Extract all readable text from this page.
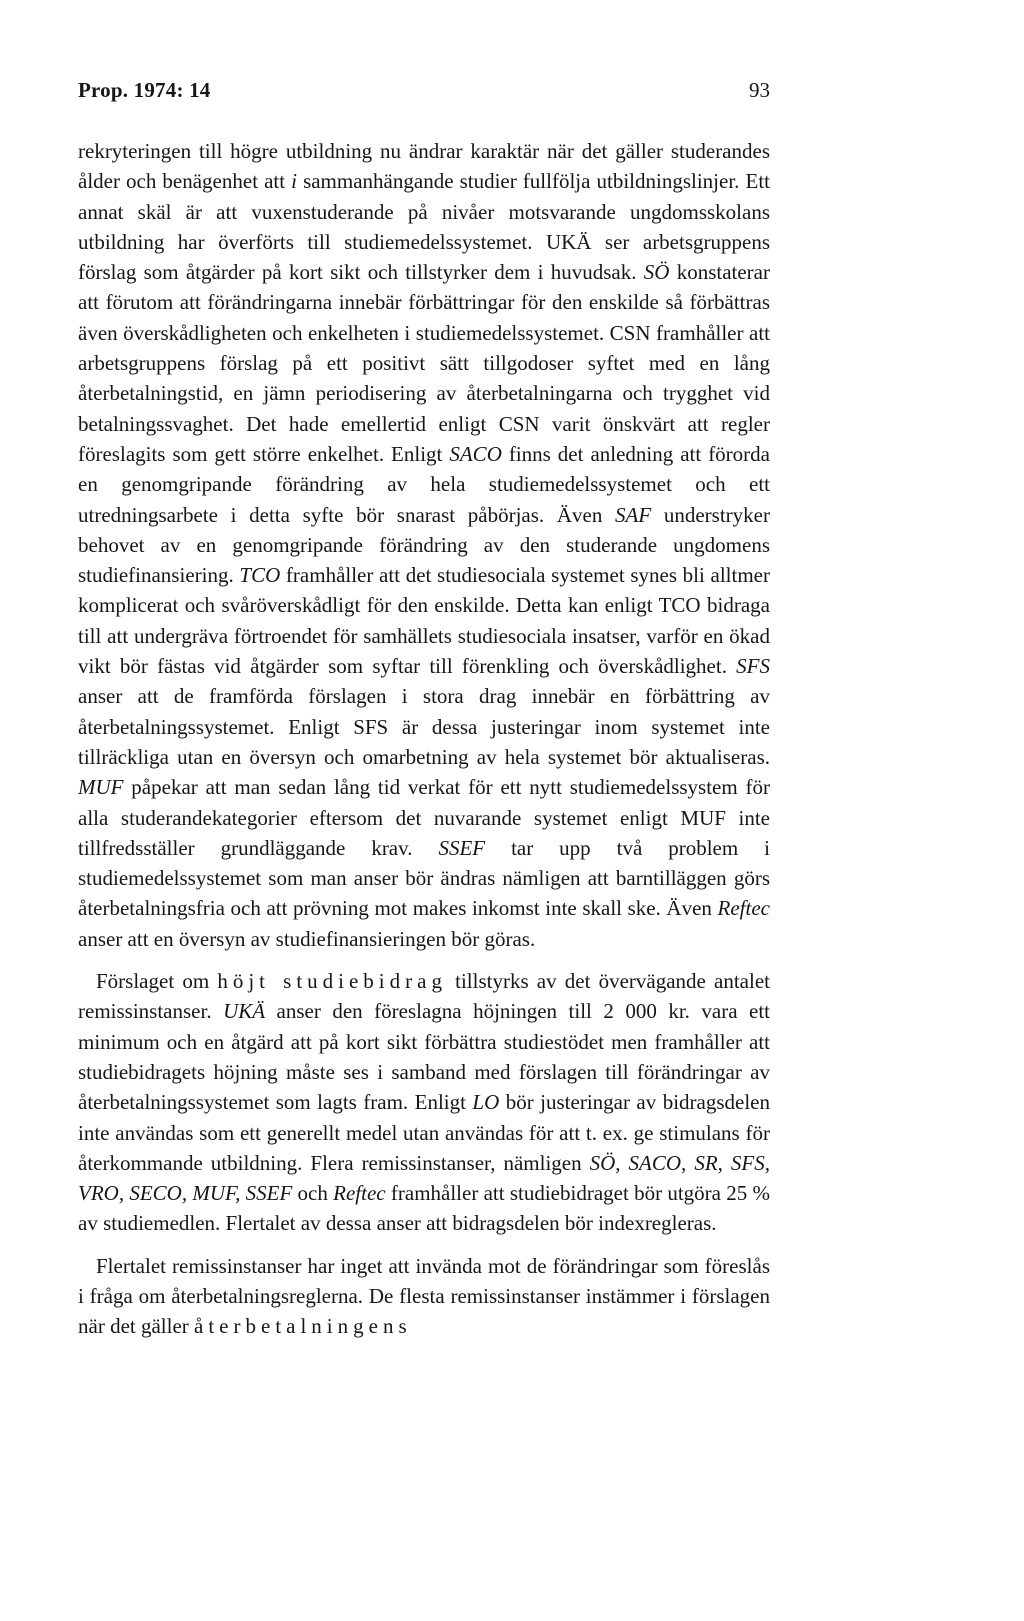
Prop. 1974: 14	93

rekryteringen till högre utbildning nu ändrar karaktär när det gäller studerandes ålder och benägenhet att i sammanhängande studier fullfölja utbildningslinjer. Ett annat skäl är att vuxenstuderande på nivåer motsvarande ungdomsskolans utbildning har överförts till studiemedelssystemet. UKÄ ser arbetsgruppens förslag som åtgärder på kort sikt och tillstyrker dem i huvudsak. SÖ konstaterar att förutom att förändringarna innebär förbättringar för den enskilde så förbättras även överskådligheten och enkelheten i studiemedelssystemet. CSN framhåller att arbetsgruppens förslag på ett positivt sätt tillgodoser syftet med en lång återbetalningstid, en jämn periodisering av återbetalningarna och trygghet vid betalningssvaghet. Det hade emellertid enligt CSN varit önskvärt att regler föreslagits som gett större enkelhet. Enligt SACO finns det anledning att förorda en genomgripande förändring av hela studiemedelssystemet och ett utredningsarbete i detta syfte bör snarast påbörjas. Även SAF understryker behovet av en genomgripande förändring av den studerande ungdomens studiefinansiering. TCO framhåller att det studiesociala systemet synes bli alltmer komplicerat och svåröverskådligt för den enskilde. Detta kan enligt TCO bidraga till att undergräva förtroendet för samhällets studiesociala insatser, varför en ökad vikt bör fästas vid åtgärder som syftar till förenkling och överskådlighet. SFS anser att de framförda förslagen i stora drag innebär en förbättring av återbetalningssystemet. Enligt SFS är dessa justeringar inom systemet inte tillräckliga utan en översyn och omarbetning av hela systemet bör aktualiseras. MUF påpekar att man sedan lång tid verkat för ett nytt studiemedelssystem för alla studerandekategorier eftersom det nuvarande systemet enligt MUF inte tillfredsställer grundläggande krav. SSEF tar upp två problem i studiemedelssystemet som man anser bör ändras nämligen att barntilläggen görs återbetalningsfria och att prövning mot makes inkomst inte skall ske. Även Reftec anser att en översyn av studiefinansieringen bör göras.

Förslaget om höjt studiebidrag tillstyrks av det övervägande antalet remissinstanser. UKÄ anser den föreslagna höjningen till 2 000 kr. vara ett minimum och en åtgärd att på kort sikt förbättra studiestödet men framhåller att studiebidragets höjning måste ses i samband med förslagen till förändringar av återbetalningssystemet som lagts fram. Enligt LO bör justeringar av bidragsdelen inte användas som ett generellt medel utan användas för att t. ex. ge stimulans för återkommande utbildning. Flera remissinstanser, nämligen SÖ, SACO, SR, SFS, VRO, SECO, MUF, SSEF och Reftec framhåller att studiebidraget bör utgöra 25 % av studiemedlen. Flertalet av dessa anser att bidragsdelen bör indexregleras.

Flertalet remissinstanser har inget att invända mot de förändringar som föreslås i fråga om återbetalningsreglerna. De flesta remissinstanser instämmer i förslagen när det gäller återbetalningens
